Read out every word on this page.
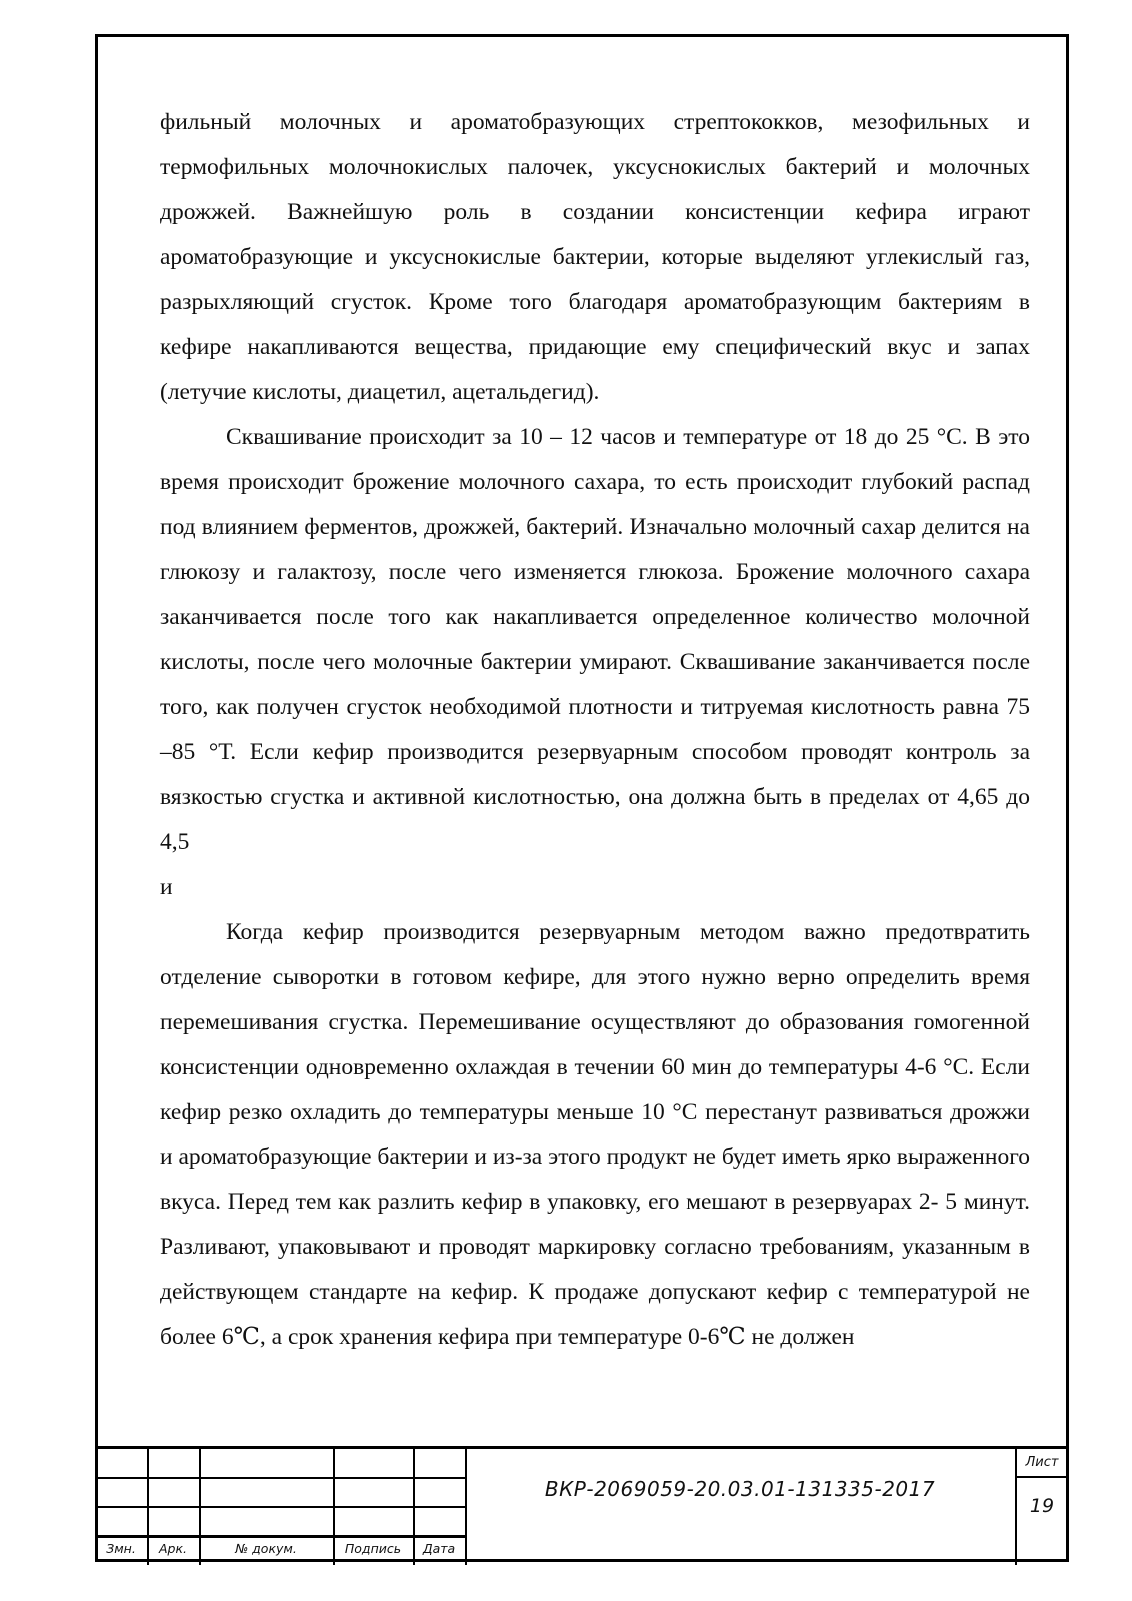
фильный молочных и ароматобразующих стрептококков, мезофильных и термофильных молочнокислых палочек, уксуснокислых бактерий и молочных дрожжей. Важнейшую роль в создании консистенции кефира играют ароматобразующие и уксуснокислые бактерии, которые выделяют углекислый газ, разрыхляющий сгусток. Кроме того благодаря ароматобразующим бактериям в кефире накапливаются вещества, придающие ему специфический вкус и запах (летучие кислоты, диацетил, ацетальдегид).

Сквашивание происходит за 10 – 12 часов и температуре от 18 до 25 °С. В это время происходит брожение молочного сахара, то есть происходит глубокий распад под влиянием ферментов, дрожжей, бактерий. Изначально молочный сахар делится на глюкозу и галактозу, после чего изменяется глюкоза. Брожение молочного сахара заканчивается после того как накапливается определенное количество молочной кислоты, после чего молочные бактерии умирают. Сквашивание заканчивается после того, как получен сгусток необходимой плотности и титруемая кислотность равна 75 –85 °Т. Если кефир производится резервуарным способом проводят контроль за вязкостью сгустка и активной кислотностью, она должна быть в пределах от 4,65 до 4,5

и

Когда кефир производится резервуарным методом важно предотвратить отделение сыворотки в готовом кефире, для этого нужно верно определить время перемешивания сгустка. Перемешивание осуществляют до образования гомогенной консистенции одновременно охлаждая в течении 60 мин до температуры 4-6 °С. Если кефир резко охладить до температуры меньше 10 °С перестанут развиваться дрожжи и ароматобразующие бактерии и из-за этого продукт не будет иметь ярко выраженного вкуса. Перед тем как разлить кефир в упаковку, его мешают в резервуарах 2- 5 минут. Разливают, упаковывают и проводят маркировку согласно требованиям, указанным в действующем стандарте на кефир. К продаже допускают кефир с температурой не более 6℃, а срок хранения кефира при температуре 0-6℃ не должен

Змн.	Арк.	№ докум.	Подпись	Дата
ВКР-2069059-20.03.01-131335-2017
Лист
19
